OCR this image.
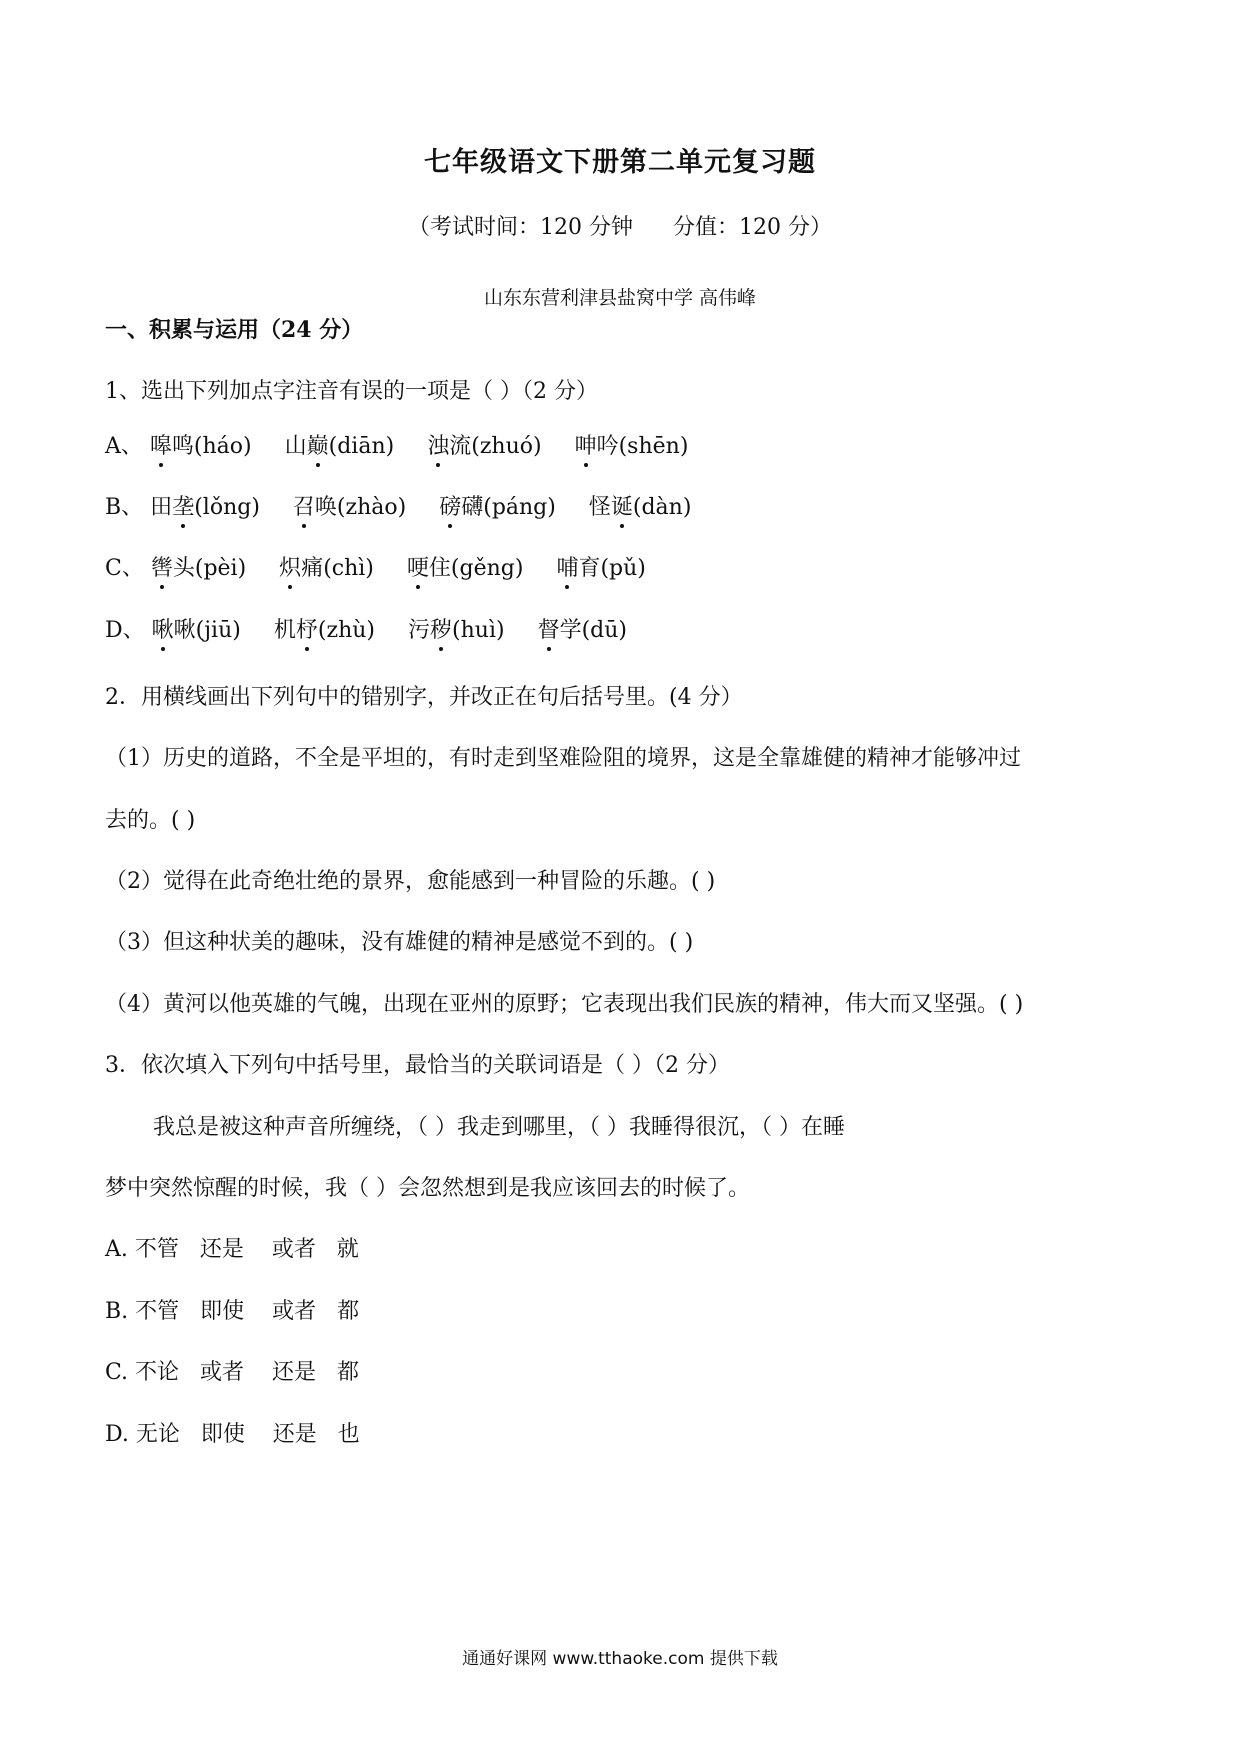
七年级语文下册第二单元复习题
（考试时间：120 分钟 分值：120 分）
山东东营利津县盐窝中学 高伟峰
一、积累与运用（24 分）
1、选出下列加点字注音有误的一项是（ ）（2 分）
A、 嗥鸣(háo) 山巅(diān) 浊流(zhuó) 呻吟(shēn)
B、 田垄(lǒng) 召唤(zhào) 磅礴(páng) 怪诞(dàn)
C、 辔头(pèi) 炽痛(chì) 哽住(gěng) 哺育(pǔ)
D、 啾啾(jiū) 机杼(zhù) 污秽(huì) 督学(dū)
2．用横线画出下列句中的错别字，并改正在句后括号里。(4 分）
（1）历史的道路，不全是平坦的，有时走到坚难险阻的境界，这是全靠雄健的精神才能够冲过
去的。( )
（2）觉得在此奇绝壮绝的景界，愈能感到一种冒险的乐趣。( )
（3）但这种状美的趣味，没有雄健的精神是感觉不到的。( )
（4）黄河以他英雄的气魄，出现在亚州的原野；它表现出我们民族的精神，伟大而又坚强。( )
3．依次填入下列句中括号里，最恰当的关联词语是（ ）（2 分）
我总是被这种声音所缠绕，（ ）我走到哪里，（ ）我睡得很沉，（ ）在睡
梦中突然惊醒的时候，我（ ）会忽然想到是我应该回去的时候了。
A. 不管   还是    或者   就
B. 不管   即使    或者   都
C. 不论   或者    还是   都
D. 无论   即使    还是   也
通通好课网 www.tthaoke.com 提供下载
